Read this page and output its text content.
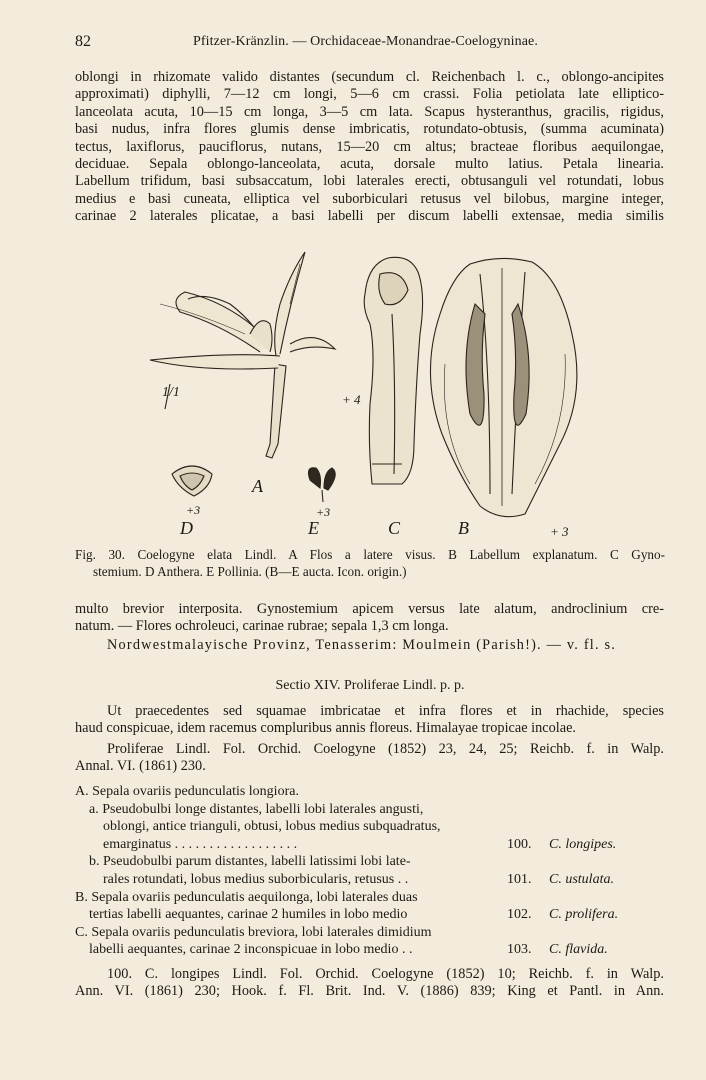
82	Pfitzer-Kränzlin. — Orchidaceae-Monandrae-Coelogyninae.
oblongi in rhizomate valido distantes (secundum cl. Reichenbach l. c., oblongo-ancipites
approximati) diphylli, 7—12 cm longi, 5—6 cm crassi. Folia petiolata late elliptico-
lanceolata acuta, 10—15 cm longa, 3—5 cm lata. Scapus hysteranthus, gracilis, rigidus,
basi nudus, infra flores glumis dense imbricatis, rotundato-obtusis, (summa acuminata)
tectus, laxiflorus, pauciflorus, nutans, 15—20 cm altus; bracteae floribus aequilongae,
deciduae. Sepala oblongo-lanceolata, acuta, dorsale multo latius. Petala linearia.
Labellum trifidum, basi subsaccatum, lobi laterales erecti, obtusanguli vel rotundati, lobus
medius e basi cuneata, elliptica vel suborbiculari retusus vel bilobus, margine integer,
carinae 2 laterales plicatae, a basi labelli per discum labelli extensae, media similis
1/1	+ 4
+3	+3
+ 3
A
D	E	C	B
Fig. 30. Coelogyne elata Lindl. A Flos a latere visus. B Labellum explanatum. C Gyno-
stemium. D Anthera. E Pollinia. (B—E aucta. Icon. origin.)
multo brevior interposita. Gynostemium apicem versus late alatum, androclinium cre-
natum. — Flores ochroleuci, carinae rubrae; sepala 1,3 cm longa.
Nordwestmalayische Provinz, Tenasserim: Moulmein (Parish!). — v. fl. s.
Sectio XIV. Proliferae Lindl. p. p.
Ut praecedentes sed squamae imbricatae et infra flores et in rhachide, species
haud conspicuae, idem racemus compluribus annis floreus. Himalayae tropicae incolae.
Proliferae Lindl. Fol. Orchid. Coelogyne (1852) 23, 24, 25; Reichb. f. in Walp.
Annal. VI. (1861) 230.
A. Sepala ovariis pedunculatis longiora.
a. Pseudobulbi longe distantes, labelli lobi laterales angusti,
oblongi, antice trianguli, obtusi, lobus medius subquadratus,
emarginatus . . . . . . . . . . . . . . . . . .	100. C. longipes.
b. Pseudobulbi parum distantes, labelli latissimi lobi late-
rales rotundati, lobus medius suborbicularis, retusus . .	101. C. ustulata.
B. Sepala ovariis pedunculatis aequilonga, lobi laterales duas
tertias labelli aequantes, carinae 2 humiles in lobo medio	102. C. prolifera.
C. Sepala ovariis pedunculatis breviora, lobi laterales dimidium
labelli aequantes, carinae 2 inconspicuae in lobo medio . .	103. C. flavida.
100. C. longipes Lindl. Fol. Orchid. Coelogyne (1852) 10; Reichb. f. in Walp.
Ann. VI. (1861) 230; Hook. f. Fl. Brit. Ind. V. (1886) 839; King et Pantl. in Ann.
